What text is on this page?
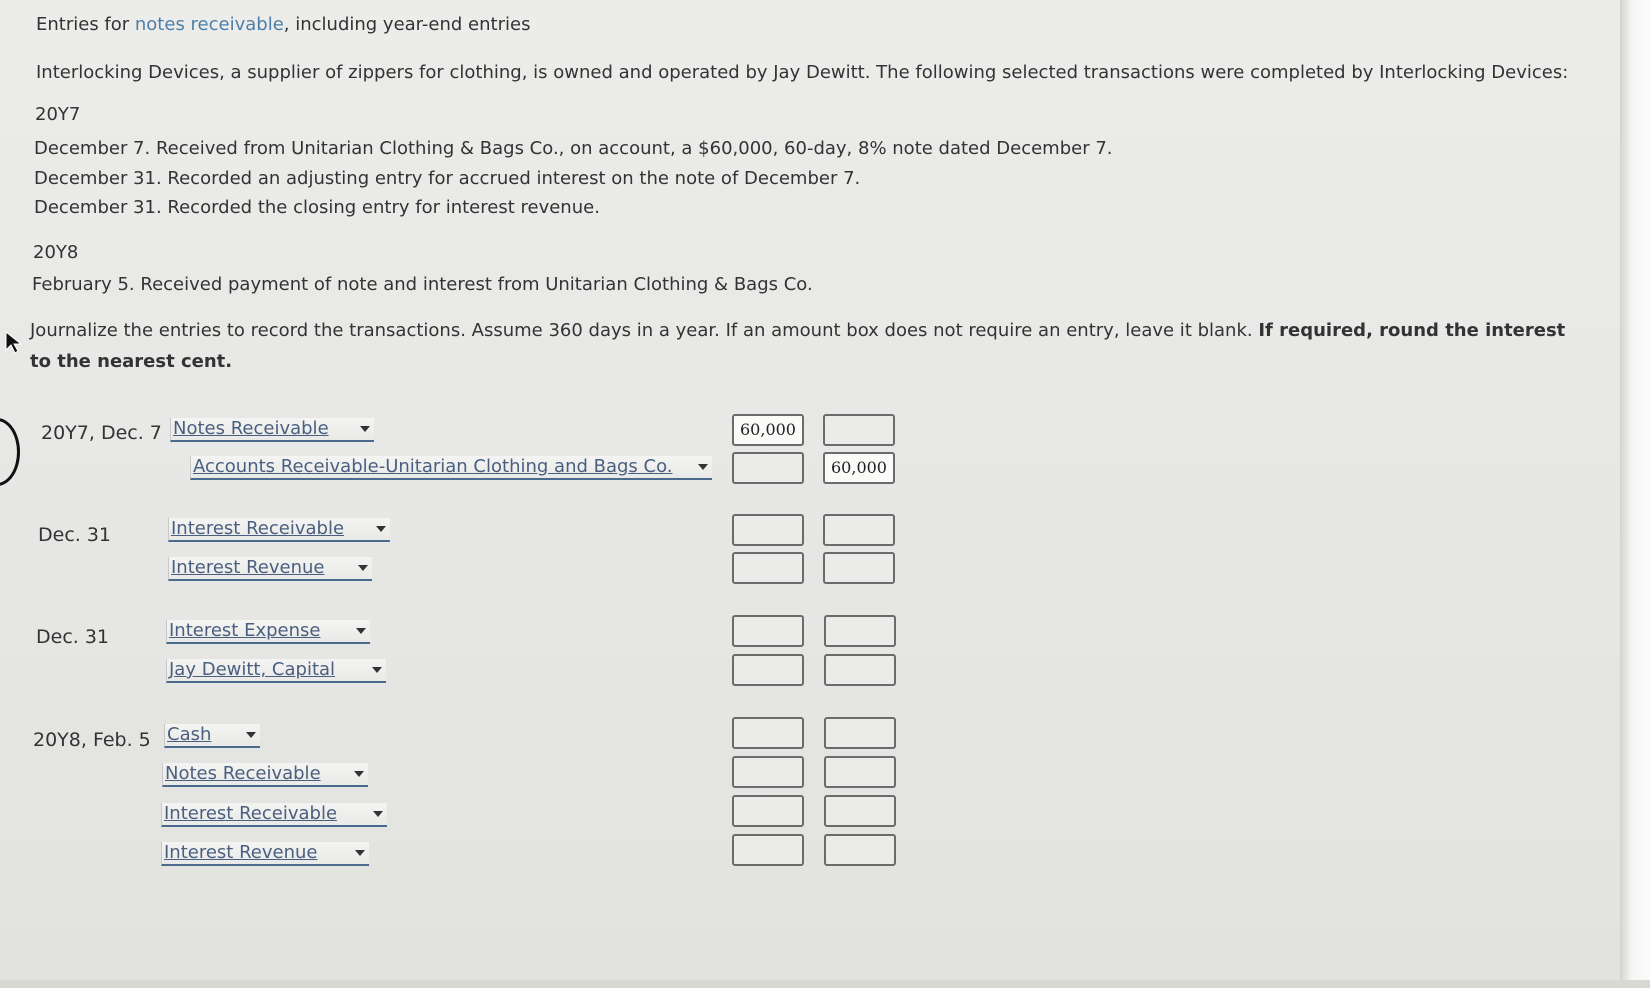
Entries for notes receivable, including year-end entries
Interlocking Devices, a supplier of zippers for clothing, is owned and operated by Jay Dewitt. The following selected transactions were completed by Interlocking Devices:
20Y7
December 7. Received from Unitarian Clothing & Bags Co., on account, a $60,000, 60-day, 8% note dated December 7.
December 31. Recorded an adjusting entry for accrued interest on the note of December 7.
December 31. Recorded the closing entry for interest revenue.
20Y8
February 5. Received payment of note and interest from Unitarian Clothing & Bags Co.
Journalize the entries to record the transactions. Assume 360 days in a year. If an amount box does not require an entry, leave it blank. If required, round the interest
to the nearest cent.
20Y7, Dec. 7 Notes Receivable
Accounts Receivable-Unitarian Clothing and Bags Co.
60,000
60,000
Dec. 31	Interest Receivable
Interest Revenue
Dec. 31	Interest Expense
Jay Dewitt, Capital
20Y8, Feb. 5 Cash
Notes Receivable
Interest Receivable
Interest Revenue
